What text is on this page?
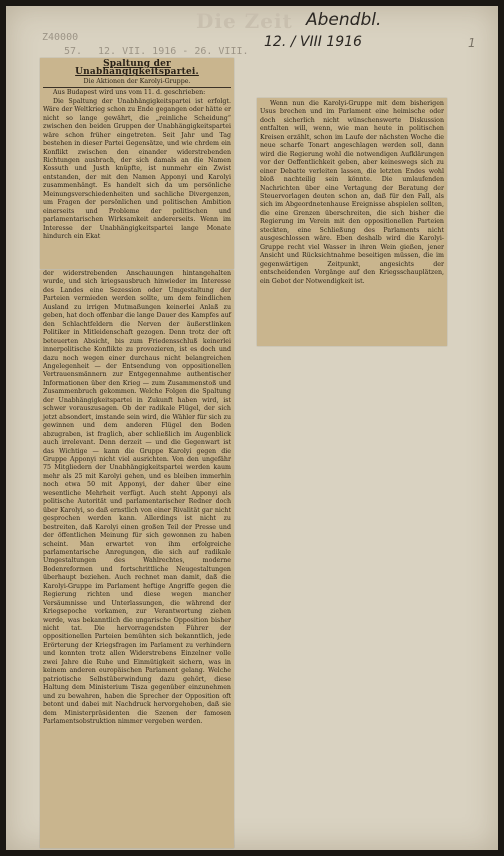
Die Zeit Abendbl.
12. / VIII 1916	1
Z40000
57. 12. VII. 1916 - 26. VIII.
Spaltung der Unabhängigkeitspartei.
Die Aktionen der Karolyi-Gruppe.

Aus Budapest wird uns vom 11. d. geschrieben:

Die Spaltung der Unabhängigkeitspartei ist erfolgt. Wäre der Weltkrieg schon zu Ende gegangen oder hätte er nicht so lange gewährt, die „reinliche Scheidung“ zwischen den beiden Gruppen der Unabhängigkeitspartei wäre schon früher eingetreten. Seit Jahr und Tag bestehen in dieser Partei Gegensätze, und wie chrdem ein Konflikt zwischen den einander widerstrebenden Richtungen ausbrach, der sich damals an die Namen Kossuth und Justh knüpfte, ist nunmehr ein Zwist entstanden, der mit den Namen Apponyi und Karolyi zusammenhängt. Es handelt sich da um persönliche Meinungsverschiedenheiten und sachliche Divergenzen, um Fragen der persönlichen und politischen Ambition einerseits und Probleme der politischen und parlamentarischen Wirksamkeit andererseits. Wenn im Interesse der Unabhängigkeitspartei lange Monate hindurch ein Ekat

der widerstrebenden Anschauungen hintangehalten wurde, und sich kriegsausbruch hinwieder im Interesse des Landes eine Sezession oder Umgestaltung der Parteien vermieden werden sollte, um dem feindlichen Ausland zu irrigen Mutmaßungen keinerlei Anlaß zu geben, hat doch offenbar die lange Dauer des Kampfes auf den Schlachtfeldern die Nerven der äußerstlinken Politiker in Mitleidenschaft gezogen. Denn trotz der oft beteuerten Absicht, bis zum Friedensschluß keinerlei innerpolitische Konflikte zu provozieren, ist es doch und dazu noch wegen einer durchaus nicht belangreichen Angelegenheit — der Entsendung von oppositionellen Vertrauensmännern zur Entgegennahme authentischer Informationen über den Krieg — zum Zusammenstoß und Zusammenbruch gekommen. Welche Folgen die Spaltung der Unabhängigkeitspartei in Zukunft haben wird, ist schwer vorauszusagen. Ob der radikale Flügel, der sich jetzt absondert, imstande sein wird, die Wähler für sich zu gewinnen und dem anderen Flügel den Boden abzugraben, ist fraglich, aber schließlich im Augenblick auch irrelevant. Denn derzeit — und die Gegenwart ist das Wichtige — kann die Gruppe Karolyi gegen die Gruppe Apponyi nicht viel ausrichten. Von den ungefähr 75 Mitgliedern der Unabhängigkeitspartei werden kaum mehr als 25 mit Karolyi gehen, und es bleiben immerhin noch etwa 50 mit Apponyi, der daher über eine wesentliche Mehrheit verfügt. Auch steht Apponyi als politische Autorität und parlamentarischer Redner doch über Karolyi, so daß ernstlich von einer Rivalität gar nicht gesprochen werden kann. Allerdings ist nicht zu bestreiten, daß Karolyi einen großen Teil der Presse und der öffentlichen Meinung für sich gewonnen zu haben scheint. Man erwartet von ihm erfolgreiche parlamentarische Anregungen, die sich auf radikale Umgestaltungen des Wahlrechtes, moderne Bodenreformen und fortschrittliche Neugestaltungen überhaupt beziehen. Auch rechnet man damit, daß die Karolyi-Gruppe im Parlament heftige Angriffe gegen die Regierung richten und diese wegen mancher Versäumnisse und Unterlassungen, die während der Kriegsepoche vorkamen, zur Verantwortung ziehen werde, was bekanntlich die ungarische Opposition bisher nicht tat. Die hervorragendsten Führer der oppositionellen Parteien bemühten sich bekanntlich, jede Erörterung der Kriegsfragen im Parlament zu verhindern und konnten trotz allen Widerstrebens Einzelner volle zwei Jahre die Ruhe und Einmütigkeit sichern, was in keinem anderen europäischen Parlament gelang. Welche patriotische Selbstüberwindung dazu gehört, diese Haltung dem Ministerium Tisza gegenüber einzunehmen und zu bewahren, haben die Sprecher der Opposition oft betont und dabei mit Nachdruck hervorgehoben, daß sie dem Ministerpräsidenten die Szenen der famosen Parlamentsobstruktion nimmer vergeben werden.

Wenn nun die Karolyi-Gruppe mit dem bisherigen Usus brechen und im Parlament eine heimische oder doch sicherlich nicht wünschenswerte Diskussion entfalten will, wenn, wie man heute in politischen Kreisen erzählt, schon im Laufe der nächsten Woche die neue scharfe Tonart angeschlagen werden soll, dann wird die Regierung wohl die notwendigen Aufklärungen vor der Oeffentlichkeit geben, aber keineswegs sich zu einer Debatte verleiten lassen, die letzten Endes wohl bloß nachteilig sein könnte. Die umlaufenden Nachrichten über eine Vertagung der Beratung der Steuervorlagen deuten schon an, daß für den Fall, als sich im Abgeordnetenhause Ereignisse abspielen sollten, die eine Grenzen überschreiten, die sich bisher die Regierung im Verein mit den oppositionellen Parteien steckten, eine Schließung des Parlaments nicht ausgeschlossen wäre. Eben deshalb wird die Karolyi-Gruppe recht viel Wasser in ihren Wein gießen, jener Ansicht und Rücksichtnahme beseitigen müssen, die im gegenwärtigen Zeitpunkt, angesichts der entscheidenden Vorgänge auf den Kriegsschauplätzen, ein Gebot der Notwendigkeit ist.
